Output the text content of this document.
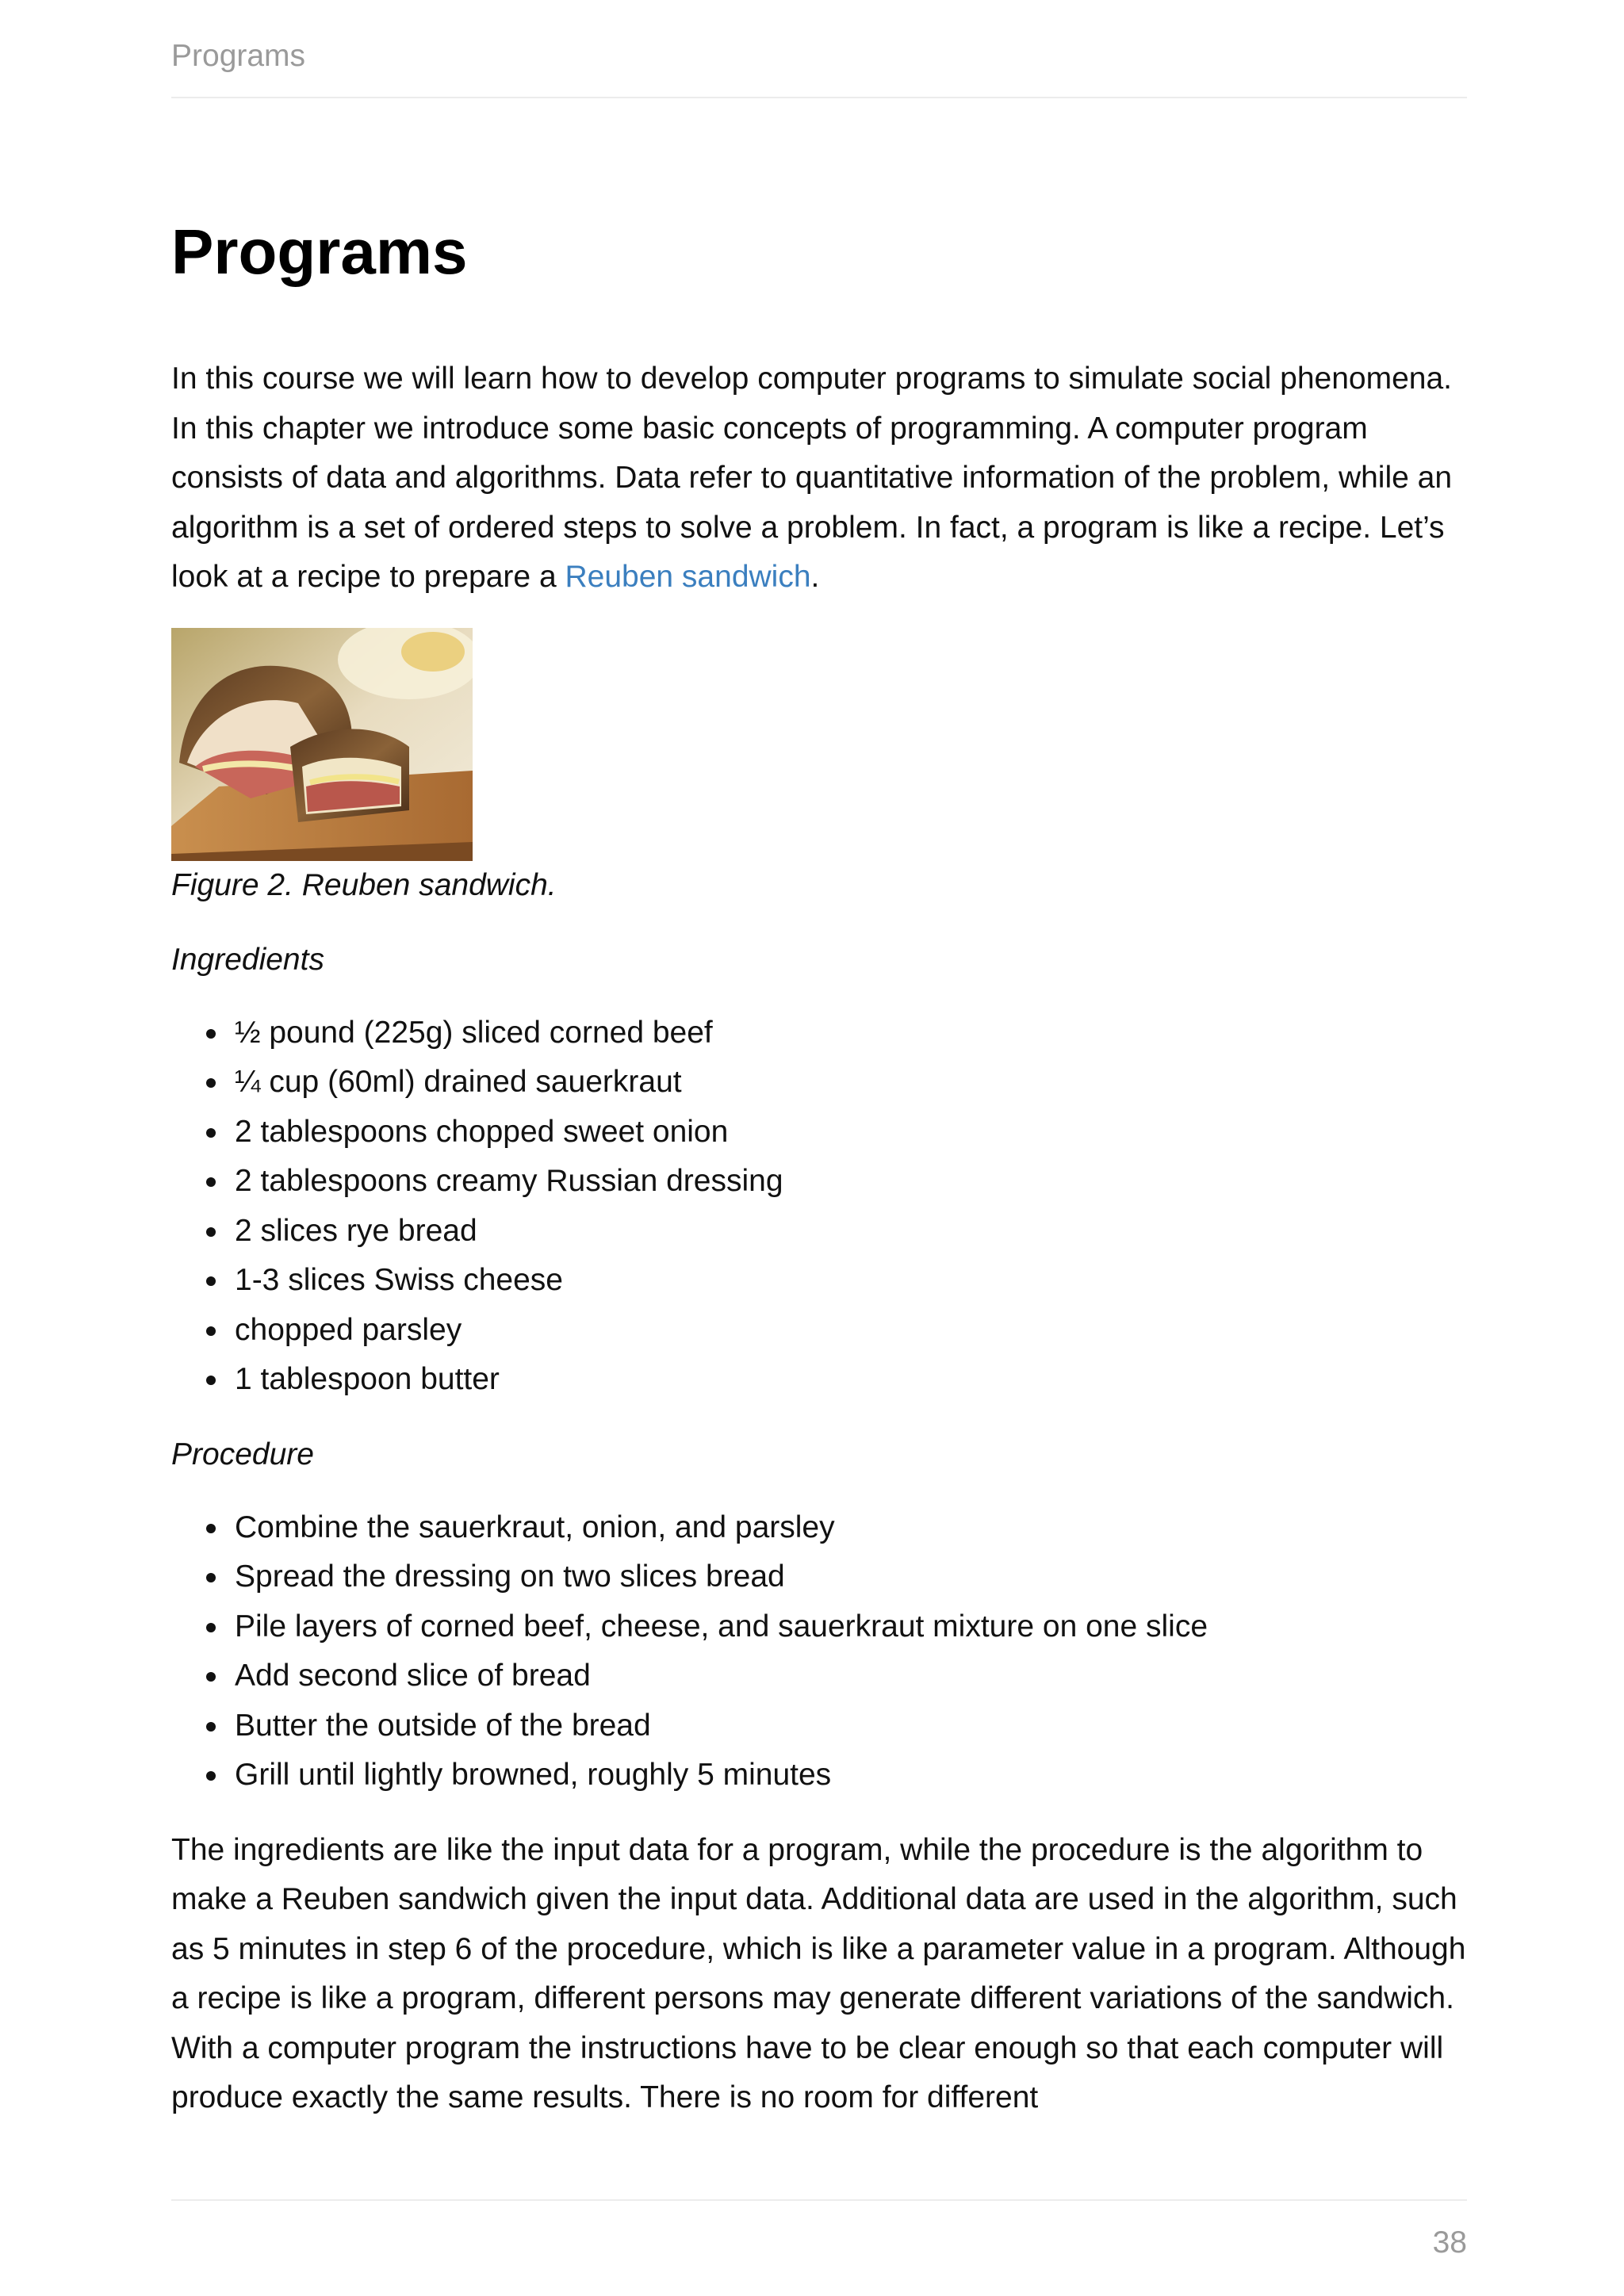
Programs
Programs

In this course we will learn how to develop computer programs to simulate social phenomena. In this chapter we introduce some basic concepts of programming. A computer program consists of data and algorithms. Data refer to quantitative information of the problem, while an algorithm is a set of ordered steps to solve a problem. In fact, a program is like a recipe. Let’s look at a recipe to prepare a Reuben sandwich.

Figure 2. Reuben sandwich.
Ingredients
½ pound (225g) sliced corned beef
¼ cup (60ml) drained sauerkraut
2 tablespoons chopped sweet onion
2 tablespoons creamy Russian dressing
2 slices rye bread
1-3 slices Swiss cheese
chopped parsley
1 tablespoon butter
Procedure
Combine the sauerkraut, onion, and parsley
Spread the dressing on two slices bread
Pile layers of corned beef, cheese, and sauerkraut mixture on one slice
Add second slice of bread
Butter the outside of the bread
Grill until lightly browned, roughly 5 minutes

The ingredients are like the input data for a program, while the procedure is the algorithm to make a Reuben sandwich given the input data. Additional data are used in the algorithm, such as 5 minutes in step 6 of the procedure, which is like a parameter value in a program. Although a recipe is like a program, different persons may generate different variations of the sandwich. With a computer program the instructions have to be clear enough so that each computer will produce exactly the same results. There is no room for different

38
